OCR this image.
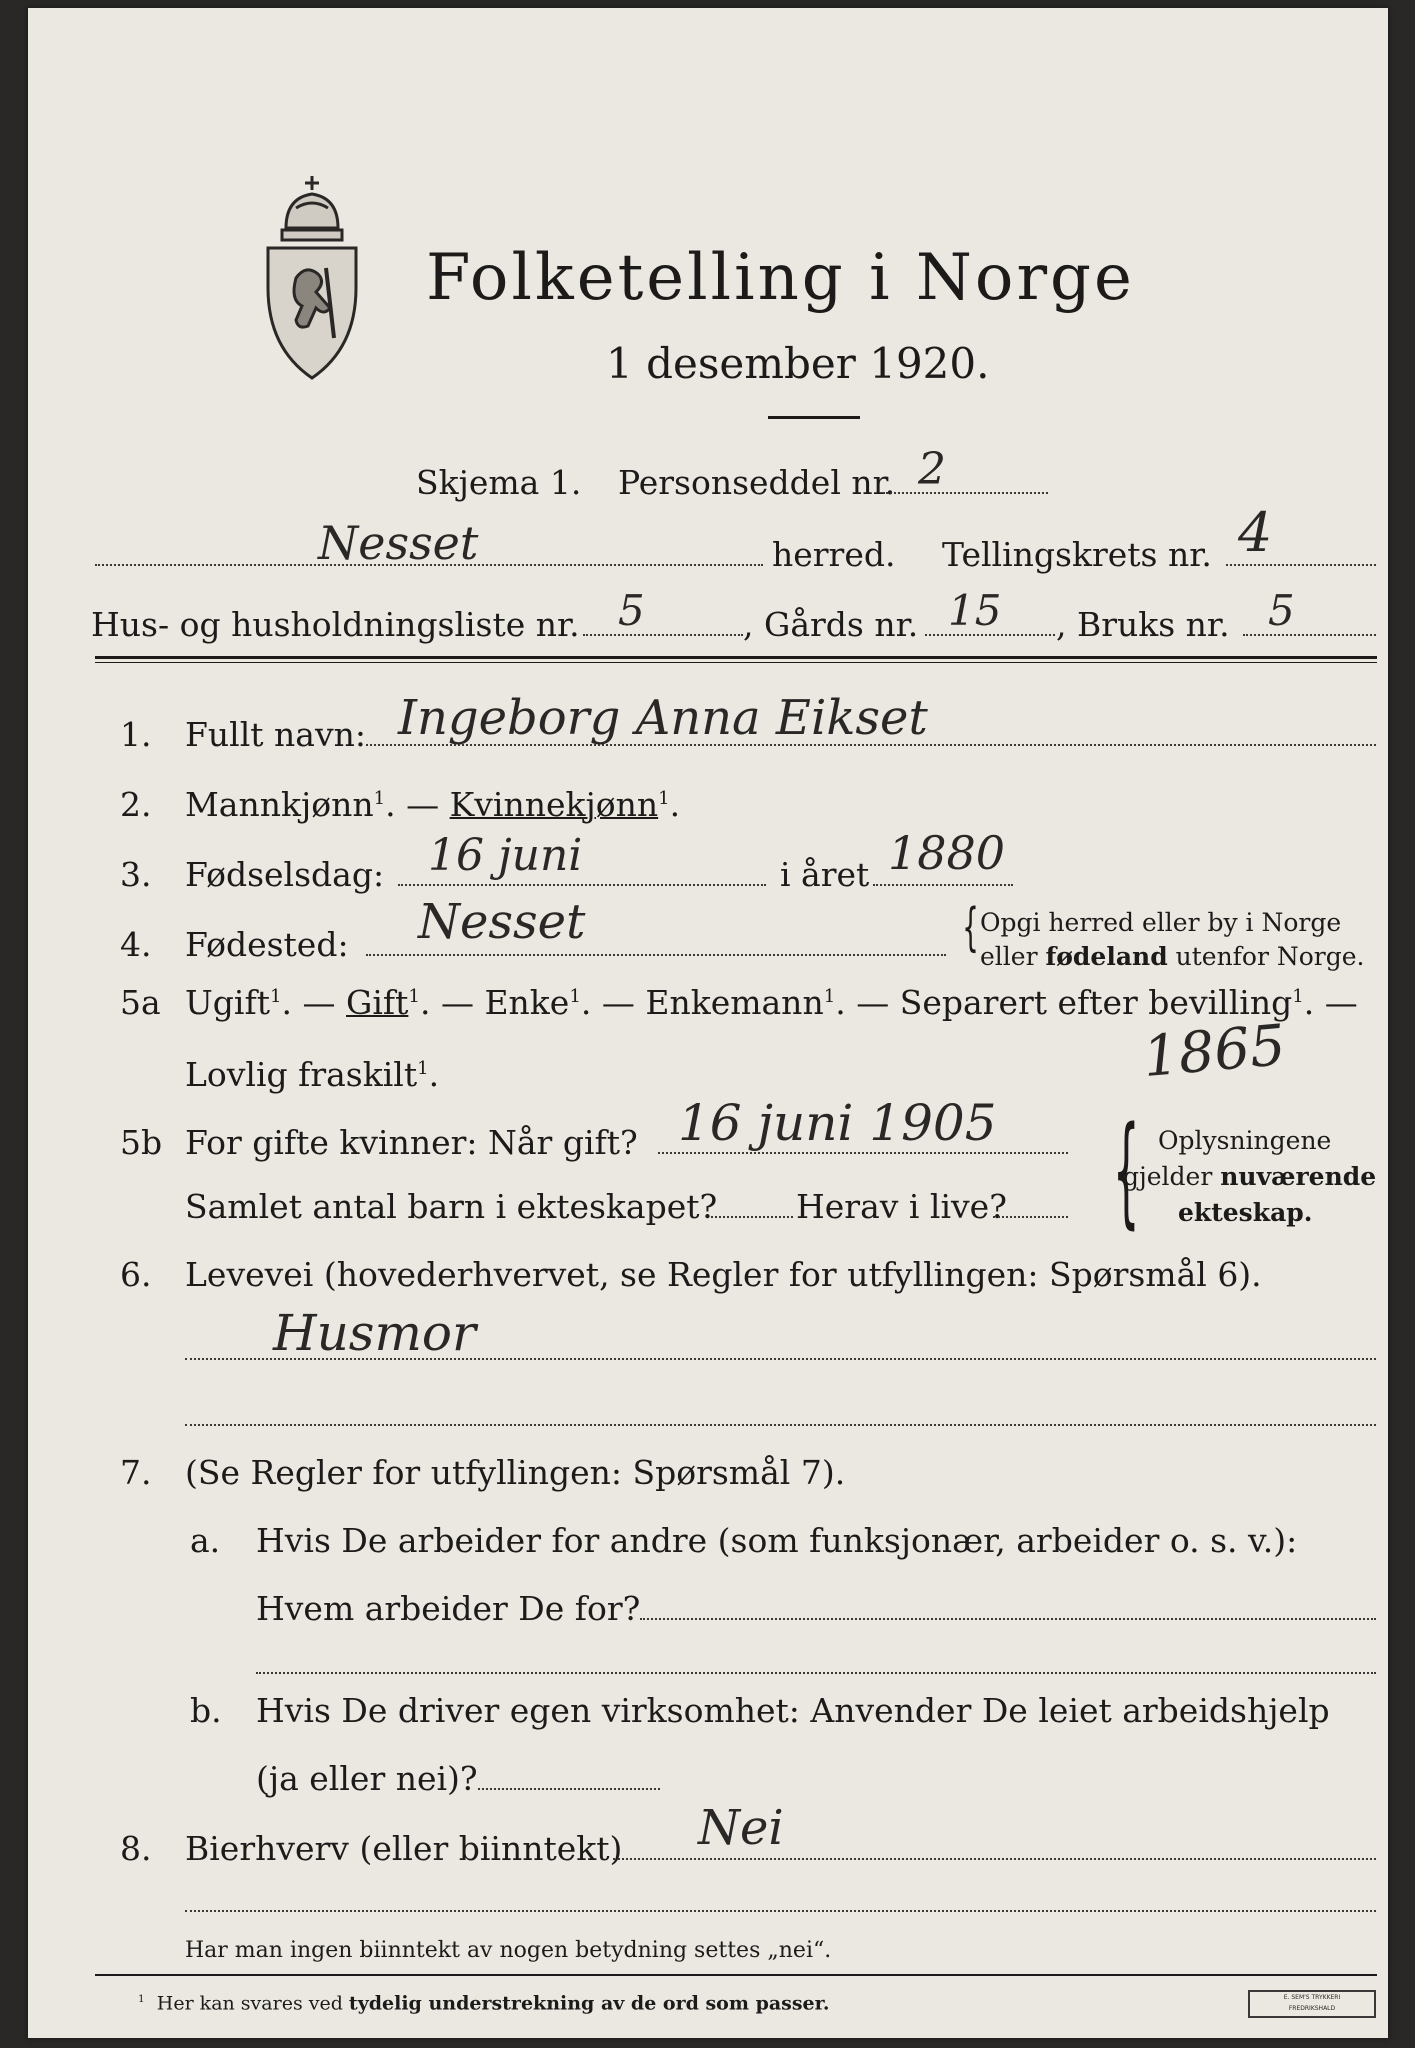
Folketelling i Norge
1 desember 1920.
Skjema 1. Personseddel nr. 2
Nesset	herred. Tellingskrets nr. 4
Hus- og husholdningsliste nr. 5	, Gårds nr. 15 , Bruks nr. 5
1. Fullt navn: Ingeborg Anna Eikset
2. Mannkjønn$^1$. — Kvinnekjønn$^1$.
3. Fødselsdag: 16 juni	i året 1880
4. Fødested: Nesset	{ Opgi herred eller by i Norge
eller fødeland utenfor Norge.
5a Ugift$^1$. — Gift$^1$. — Enke$^1$. — Enkemann$^1$. — Separert efter bevilling$^1$. —
Lovlig fraskilt$^1$.	1865
5b For gifte kvinner: Når gift? 16 juni 1905
Samlet antal barn i ekteskapet? Herav i live? { Oplysningene
gjelder nuværende
ekteskap.
6. Levevei (hovederhvervet, se Regler for utfyllingen: Spørsmål 6).
Husmor
7. (Se Regler for utfyllingen: Spørsmål 7).
a. Hvis De arbeider for andre (som funksjonær, arbeider o. s. v.):
Hvem arbeider De for?
b. Hvis De driver egen virksomhet: Anvender De leiet arbeidshjelp
(ja eller nei)?
8. Bierhverv (eller biinntekt) Nei
Har man ingen biinntekt av nogen betydning settes „nei“.
$^1$ Her kan svares ved tydelig understrekning av de ord som passer.	E. SEM'S TRYKKERI
FREDRIKSHALD
